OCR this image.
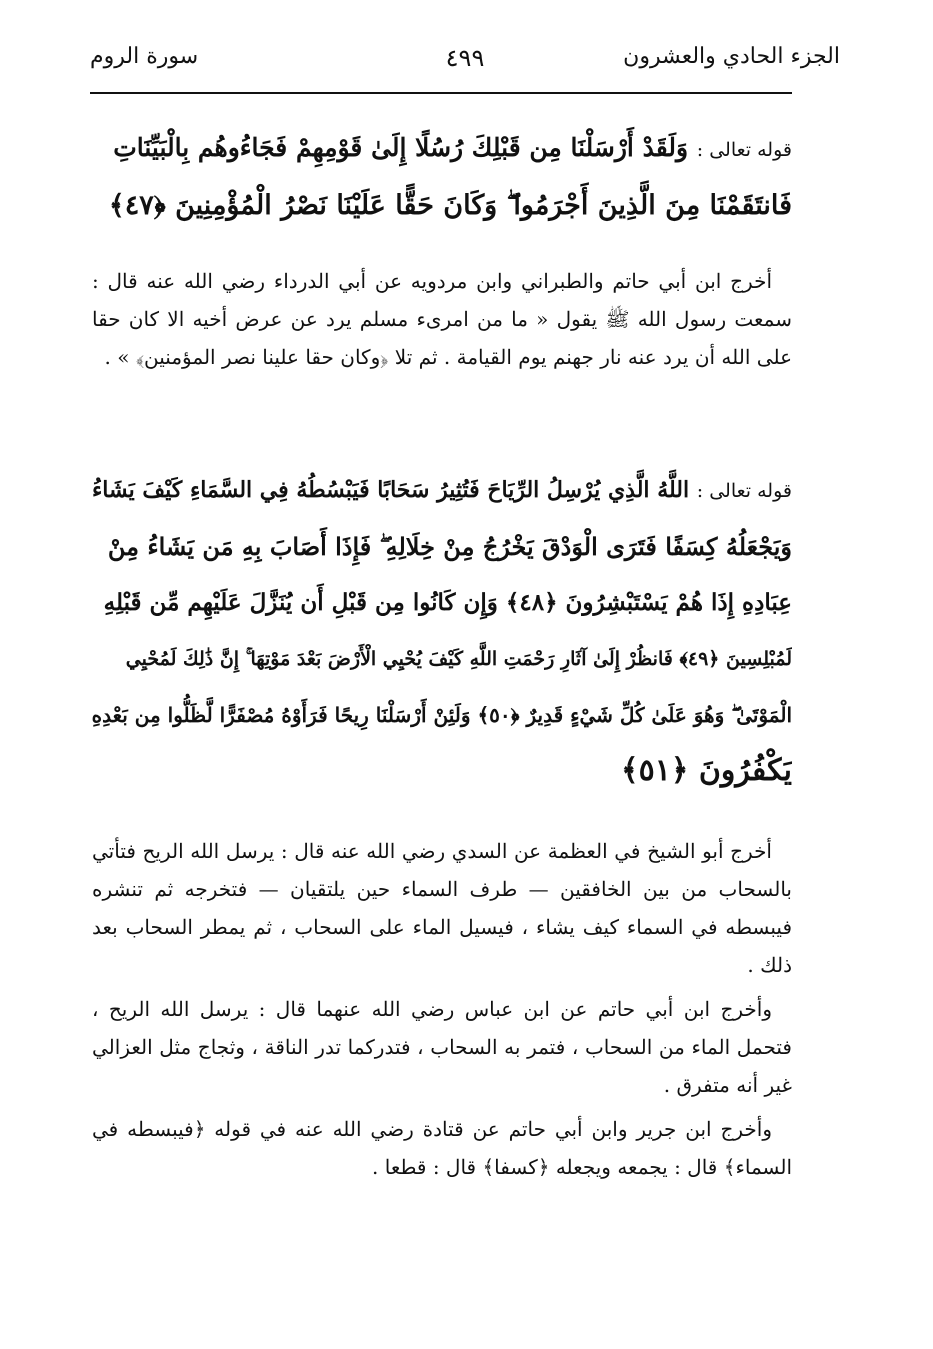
الجزء الحادي والعشرون
٤٩٩
سورة الروم
قوله تعالى : وَلَقَدْ أَرْسَلْنَا مِن قَبْلِكَ رُسُلًا إِلَىٰ قَوْمِهِمْ فَجَاءُوهُم بِالْبَيِّنَاتِ
فَانتَقَمْنَا مِنَ الَّذِينَ أَجْرَمُوا ۖ وَكَانَ حَقًّا عَلَيْنَا نَصْرُ الْمُؤْمِنِينَ ﴿٤٧﴾

أخرج ابن أبي حاتم والطبراني وابن مردويه عن أبي الدرداء رضي الله عنه قال : سمعت رسول الله ﷺ يقول « ما من امرىء مسلم يرد عن عرض أخيه الا كان حقا على الله أن يرد عنه نار جهنم يوم القيامة . ثم تلا ﴿وكان حقا علينا نصر المؤمنين﴾ » .

قوله تعالى : اللَّهُ الَّذِي يُرْسِلُ الرِّيَاحَ فَتُثِيرُ سَحَابًا فَيَبْسُطُهُ فِي السَّمَاءِ كَيْفَ يَشَاءُ
وَيَجْعَلُهُ كِسَفًا فَتَرَى الْوَدْقَ يَخْرُجُ مِنْ خِلَالِهِ ۖ فَإِذَا أَصَابَ بِهِ مَن يَشَاءُ مِنْ
عِبَادِهِ إِذَا هُمْ يَسْتَبْشِرُونَ ﴿٤٨﴾ وَإِن كَانُوا مِن قَبْلِ أَن يُنَزَّلَ عَلَيْهِم مِّن قَبْلِهِ
لَمُبْلِسِينَ ﴿٤٩﴾ فَانظُرْ إِلَىٰ آثَارِ رَحْمَتِ اللَّهِ كَيْفَ يُحْيِي الْأَرْضَ بَعْدَ مَوْتِهَا ۚ إِنَّ ذَٰلِكَ لَمُحْيِي
الْمَوْتَىٰ ۖ وَهُوَ عَلَىٰ كُلِّ شَيْءٍ قَدِيرٌ ﴿٥٠﴾ وَلَئِنْ أَرْسَلْنَا رِيحًا فَرَأَوْهُ مُصْفَرًّا لَّظَلُّوا مِن بَعْدِهِ
يَكْفُرُونَ ﴿٥١﴾

أخرج أبو الشيخ في العظمة عن السدي رضي الله عنه قال : يرسل الله الريح فتأتي بالسحاب من بين الخافقين — طرف السماء حين يلتقيان — فتخرجه ثم تنشره فيبسطه في السماء كيف يشاء ، فيسيل الماء على السحاب ، ثم يمطر السحاب بعد ذلك .

وأخرج ابن أبي حاتم عن ابن عباس رضي الله عنهما قال : يرسل الله الريح ، فتحمل الماء من السحاب ، فتمر به السحاب ، فتدركما تدر الناقة ، وثجاج مثل العزالي غير أنه متفرق .

وأخرج ابن جرير وابن أبي حاتم عن قتادة رضي الله عنه في قوله ﴿فيبسطه في السماء﴾ قال : يجمعه ويجعله ﴿كسفا﴾ قال : قطعا .
